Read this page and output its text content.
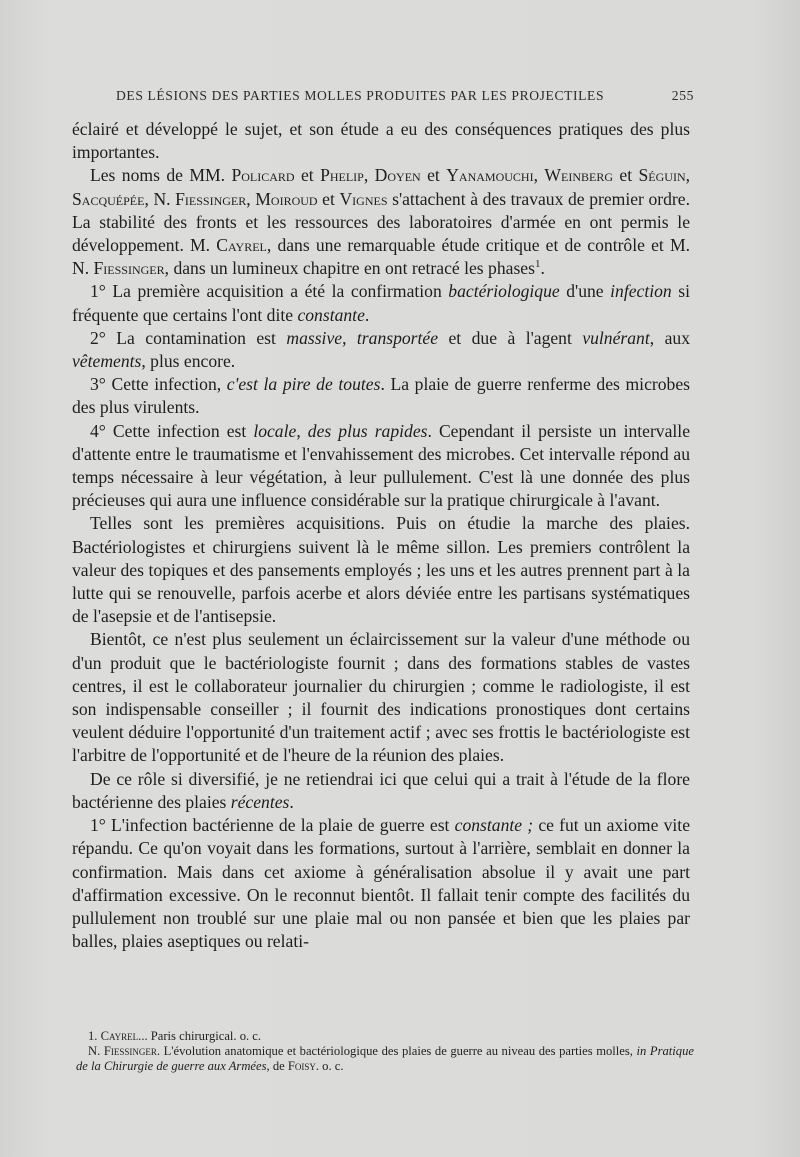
DES LÉSIONS DES PARTIES MOLLES PRODUITES PAR LES PROJECTILES	255

éclairé et développé le sujet, et son étude a eu des conséquences pratiques des plus importantes.

Les noms de MM. Policard et Phelip, Doyen et Yanamouchi, Weinberg et Séguin, Sacquépée, N. Fiessinger, Moiroud et Vignes s'attachent à des travaux de premier ordre. La stabilité des fronts et les ressources des laboratoires d'armée en ont permis le développement. M. Cayrel, dans une remarquable étude critique et de contrôle et M. N. Fiessinger, dans un lumineux chapitre en ont retracé les phases$^1$.

1° La première acquisition a été la confirmation bactériologique d'une infection si fréquente que certains l'ont dite constante.

2° La contamination est massive, transportée et due à l'agent vulnérant, aux vêtements, plus encore.

3° Cette infection, c'est la pire de toutes. La plaie de guerre renferme des microbes des plus virulents.

4° Cette infection est locale, des plus rapides. Cependant il persiste un intervalle d'attente entre le traumatisme et l'envahissement des microbes. Cet intervalle répond au temps nécessaire à leur végétation, à leur pullulement. C'est là une donnée des plus précieuses qui aura une influence considérable sur la pratique chirurgicale à l'avant.

Telles sont les premières acquisitions. Puis on étudie la marche des plaies. Bactériologistes et chirurgiens suivent là le même sillon. Les premiers contrôlent la valeur des topiques et des pansements employés ; les uns et les autres prennent part à la lutte qui se renouvelle, parfois acerbe et alors déviée entre les partisans systématiques de l'asepsie et de l'antisepsie.

Bientôt, ce n'est plus seulement un éclaircissement sur la valeur d'une méthode ou d'un produit que le bactériologiste fournit ; dans des formations stables de vastes centres, il est le collaborateur journalier du chirurgien ; comme le radiologiste, il est son indispensable conseiller ; il fournit des indications pronostiques dont certains veulent déduire l'opportunité d'un traitement actif ; avec ses frottis le bactériologiste est l'arbitre de l'opportunité et de l'heure de la réunion des plaies.

De ce rôle si diversifié, je ne retiendrai ici que celui qui a trait à l'étude de la flore bactérienne des plaies récentes.

1° L'infection bactérienne de la plaie de guerre est constante ; ce fut un axiome vite répandu. Ce qu'on voyait dans les formations, surtout à l'arrière, semblait en donner la confirmation. Mais dans cet axiome à généralisation absolue il y avait une part d'affirmation excessive. On le reconnut bientôt. Il fallait tenir compte des facilités du pullulement non troublé sur une plaie mal ou non pansée et bien que les plaies par balles, plaies aseptiques ou relati-

1. Cayrel... Paris chirurgical. o. c.

N. Fiessinger. L'évolution anatomique et bactériologique des plaies de guerre au niveau des parties molles, in Pratique de la Chirurgie de guerre aux Armées, de Foisy. o. c.
